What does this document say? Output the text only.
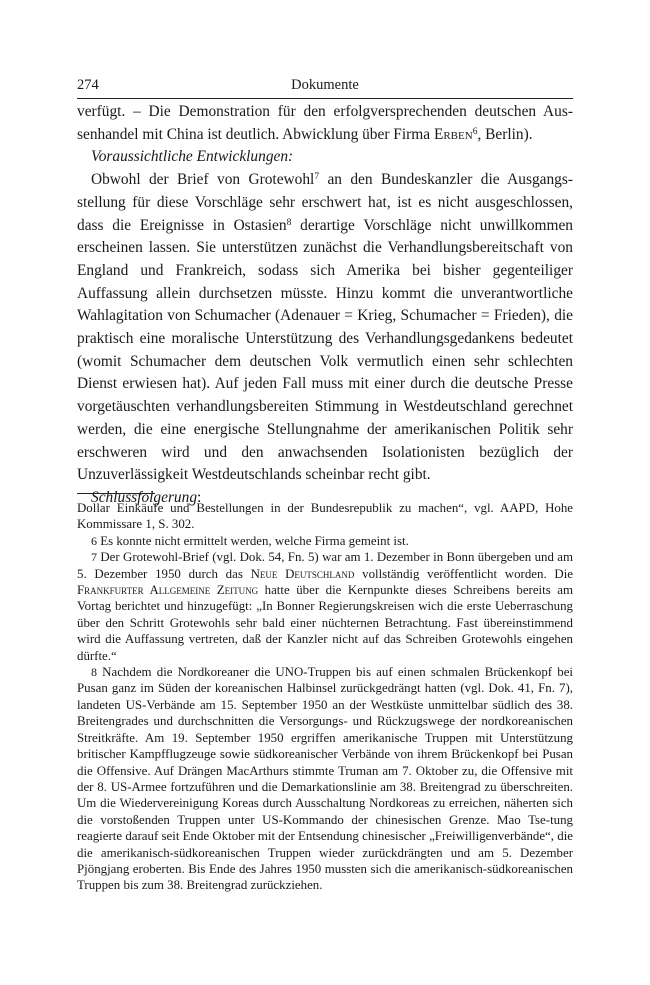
274	Dokumente

verfügt. – Die Demonstration für den erfolgversprechenden deutschen Aussenhandel mit China ist deutlich. Abwicklung über Firma Erben$^6$, Berlin).

Voraussichtliche Entwicklungen:

Obwohl der Brief von Grotewohl$^7$ an den Bundeskanzler die Ausgangsstellung für diese Vorschläge sehr erschwert hat, ist es nicht ausgeschlossen, dass die Ereignisse in Ostasien$^8$ derartige Vorschläge nicht unwillkommen erscheinen lassen. Sie unterstützen zunächst die Verhandlungsbereitschaft von England und Frankreich, sodass sich Amerika bei bisher gegenteiliger Auffassung allein durchsetzen müsste. Hinzu kommt die unverantwortliche Wahlagitation von Schumacher (Adenauer = Krieg, Schumacher = Frieden), die praktisch eine moralische Unterstützung des Verhandlungsgedankens bedeutet (womit Schumacher dem deutschen Volk vermutlich einen sehr schlechten Dienst erwiesen hat). Auf jeden Fall muss mit einer durch die deutsche Presse vorgetäuschten verhandlungsbereiten Stimmung in Westdeutschland gerechnet werden, die eine energische Stellungnahme der amerikanischen Politik sehr erschweren wird und den anwachsenden Isolationisten bezüglich der Unzuverlässigkeit Westdeutschlands scheinbar recht gibt.

Schlussfolgerung:

Dollar Einkäufe und Bestellungen in der Bundesrepublik zu machen“, vgl. AAPD, Hohe Kommissare 1, S. 302.

6 Es konnte nicht ermittelt werden, welche Firma gemeint ist.

7 Der Grotewohl-Brief (vgl. Dok. 54, Fn. 5) war am 1. Dezember in Bonn übergeben und am 5. Dezember 1950 durch das Neue Deutschland vollständig veröffentlicht worden. Die Frankfurter Allgemeine Zeitung hatte über die Kernpunkte dieses Schreibens bereits am Vortag berichtet und hinzugefügt: „In Bonner Regierungskreisen wich die erste Ueberraschung über den Schritt Grotewohls sehr bald einer nüchternen Betrachtung. Fast übereinstimmend wird die Auffassung vertreten, daß der Kanzler nicht auf das Schreiben Grotewohls eingehen dürfte.“

8 Nachdem die Nordkoreaner die UNO-Truppen bis auf einen schmalen Brückenkopf bei Pusan ganz im Süden der koreanischen Halbinsel zurückgedrängt hatten (vgl. Dok. 41, Fn. 7), landeten US-Verbände am 15. September 1950 an der Westküste unmittelbar südlich des 38. Breitengrades und durchschnitten die Versorgungs- und Rückzugswege der nordkoreanischen Streitkräfte. Am 19. September 1950 ergriffen amerikanische Truppen mit Unterstützung britischer Kampfflugzeuge sowie südkoreanischer Verbände von ihrem Brückenkopf bei Pusan die Offensive. Auf Drängen MacArthurs stimmte Truman am 7. Oktober zu, die Offensive mit der 8. US-Armee fortzuführen und die Demarkationslinie am 38. Breitengrad zu überschreiten. Um die Wiedervereinigung Koreas durch Ausschaltung Nordkoreas zu erreichen, näherten sich die vorstoßenden Truppen unter US-Kommando der chinesischen Grenze. Mao Tse-tung reagierte darauf seit Ende Oktober mit der Entsendung chinesischer „Freiwilligenverbände“, die die amerikanisch-südkoreanischen Truppen wieder zurückdrängten und am 5. Dezember Pjöngjang eroberten. Bis Ende des Jahres 1950 mussten sich die amerikanisch-südkoreanischen Truppen bis zum 38. Breitengrad zurückziehen.
